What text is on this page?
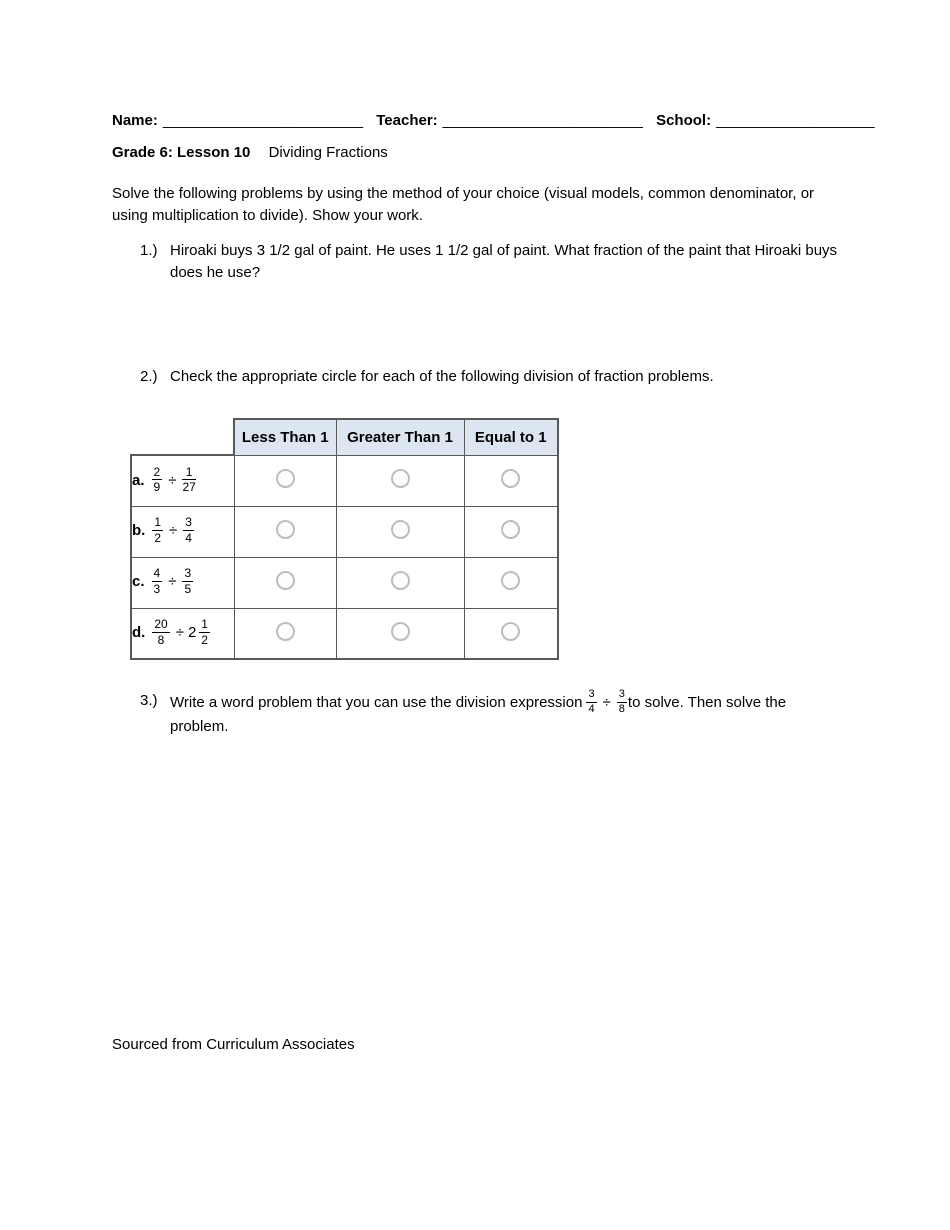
Name: ________________________ Teacher: ________________________ School: ___________________
Grade 6: Lesson 10 Dividing Fractions
Solve the following problems by using the method of your choice (visual models, common denominator, or using multiplication to divide). Show your work.
1.) Hiroaki buys 3 1/2 gal of paint. He uses 1 1/2 gal of paint. What fraction of the paint that Hiroaki buys does he use?
2.) Check the appropriate circle for each of the following division of fraction problems.
	Less Than 1	Greater Than 1	Equal to 1
a. $\frac{2}{9} \div \frac{1}{27}$

b. $\frac{1}{2} \div \frac{3}{4}$

c. $\frac{4}{3} \div \frac{3}{5}$

d. $\frac{20}{8} \div 2 \frac{1}{2}$

3.) Write a word problem that you can use the division expression $\frac{3}{4} \div \frac{3}{8}$ to solve. Then solve the problem.
Sourced from Curriculum Associates
